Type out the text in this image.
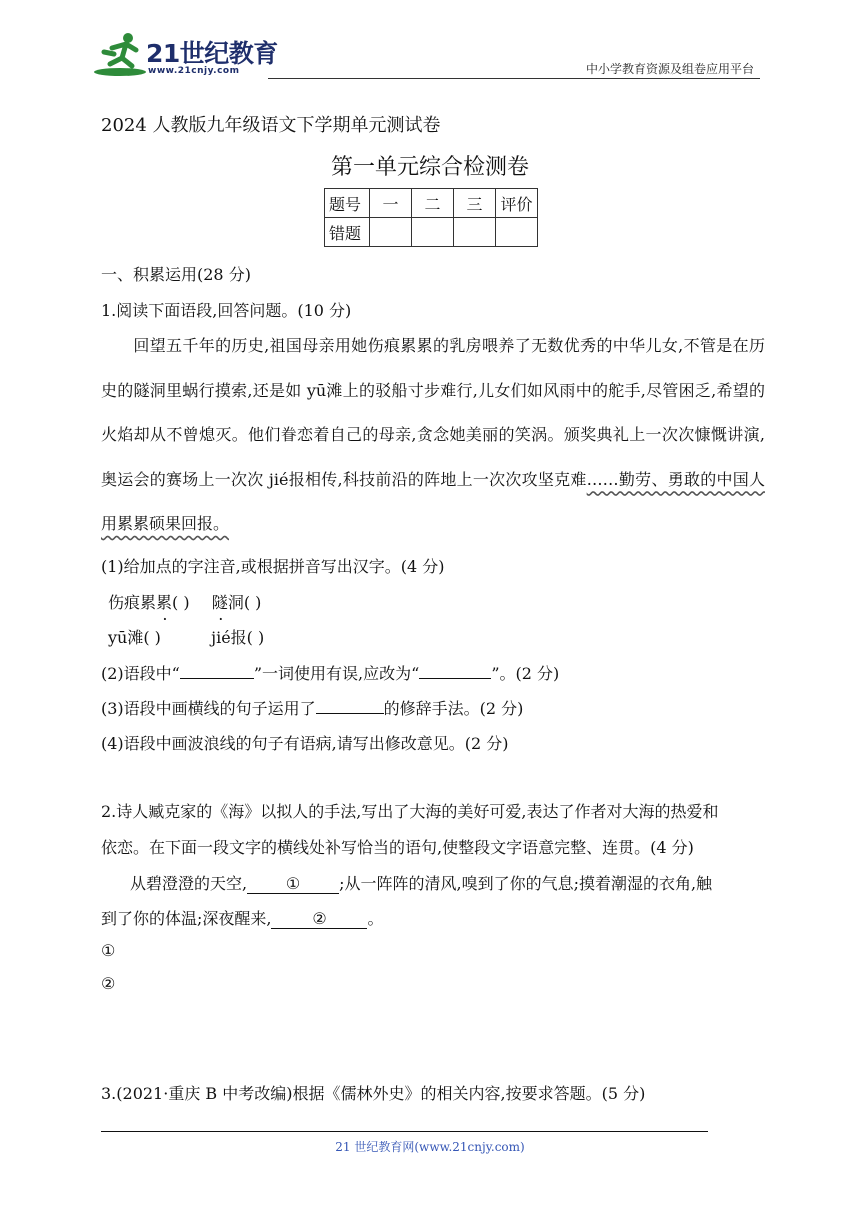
21世纪教育
www.21cnjy.com	中小学教育资源及组卷应用平台
2024 人教版九年级语文下学期单元测试卷
第一单元综合检测卷
题号	一	二	三	评价
错题				
一、积累运用(28 分)
1.阅读下面语段,回答问题。(10 分)
回望五千年的历史,祖国母亲用她伤痕累累的乳房喂养了无数优秀的中华儿女,不管是在历史的隧洞里蜗行摸索,还是如 yū滩上的驳船寸步难行,儿女们如风雨中的舵手,尽管困乏,希望的火焰却从不曾熄灭。他们眷恋着自己的母亲,贪念她美丽的笑涡。颁奖典礼上一次次慷慨讲演,奥运会的赛场上一次次 jié报相传,科技前沿的阵地上一次次攻坚克难……勤劳、勇敢的中国人用累累硕果回报。
(1)给加点的字注音,或根据拼音写出汉字。(4 分)
伤痕累累( ) 隧洞( )
yū滩( )	jié报( )
(2)语段中“	”一词使用有误,应改为“	”。(2 分)
(3)语段中画横线的句子运用了	的修辞手法。(2 分)
(4)语段中画波浪线的句子有语病,请写出修改意见。(2 分)
2.诗人臧克家的《海》以拟人的手法,写出了大海的美好可爱,表达了作者对大海的热爱和
依恋。在下面一段文字的横线处补写恰当的语句,使整段文字语意完整、连贯。(4 分)
从碧澄澄的天空, ① ;从一阵阵的清风,嗅到了你的气息;摸着潮湿的衣角,触
到了你的体温;深夜醒来,	②	。
①
②
3.(2021·重庆 B 中考改编)根据《儒林外史》的相关内容,按要求答题。(5 分)
21 世纪教育网(www.21cnjy.com)
